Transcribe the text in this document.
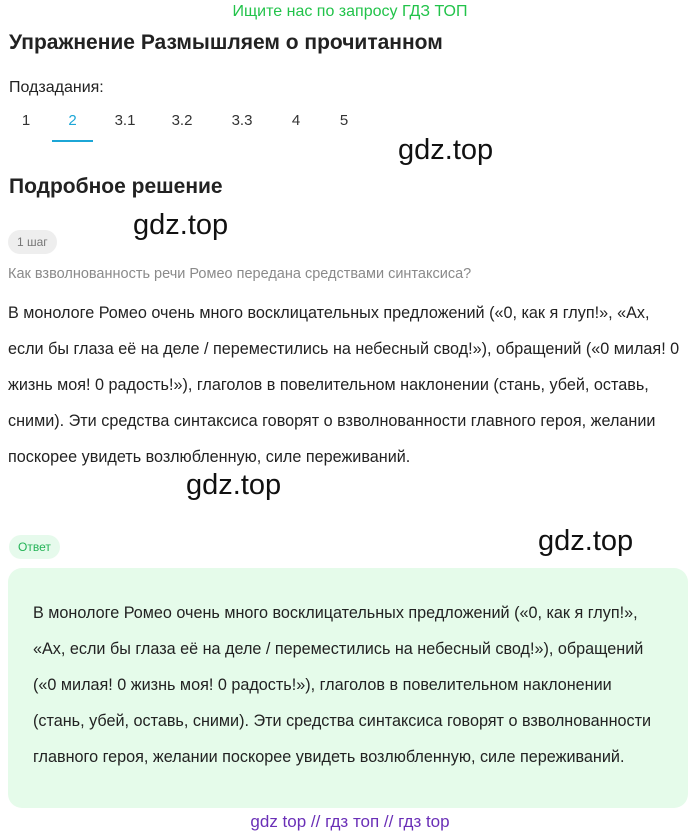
Ищите нас по запросу ГДЗ ТОП
Упражнение Размышляем о прочитанном
Подзадания:
1	2	3.1	3.2	3.3	4	5
gdz.top
Подробное решение
gdz.top
1 шаг
Как взволнованность речи Ромео передана средствами синтаксиса?
В монологе Ромео очень много восклицательных предложений («0, как я глуп!», «Ах, если бы глаза её на деле / переместились на небесный свод!»), обращений («0 милая! 0 жизнь моя! 0 радость!»), глаголов в повелительном наклонении (стань, убей, оставь, сними). Эти средства синтаксиса говорят о взволнованности главного героя, желании поскорее увидеть возлюбленную, силе переживаний.
gdz.top
Ответ	gdz.top
В монологе Ромео очень много восклицательных предложений («0, как я глуп!», «Ах, если бы глаза её на деле / переместились на небесный свод!»), обращений («0 милая! 0 жизнь моя! 0 радость!»), глаголов в повелительном наклонении (стань, убей, оставь, сними). Эти средства синтаксиса говорят о взволнованности главного героя, желании поскорее увидеть возлюбленную, силе переживаний.
gdz top // гдз топ // гдз top
